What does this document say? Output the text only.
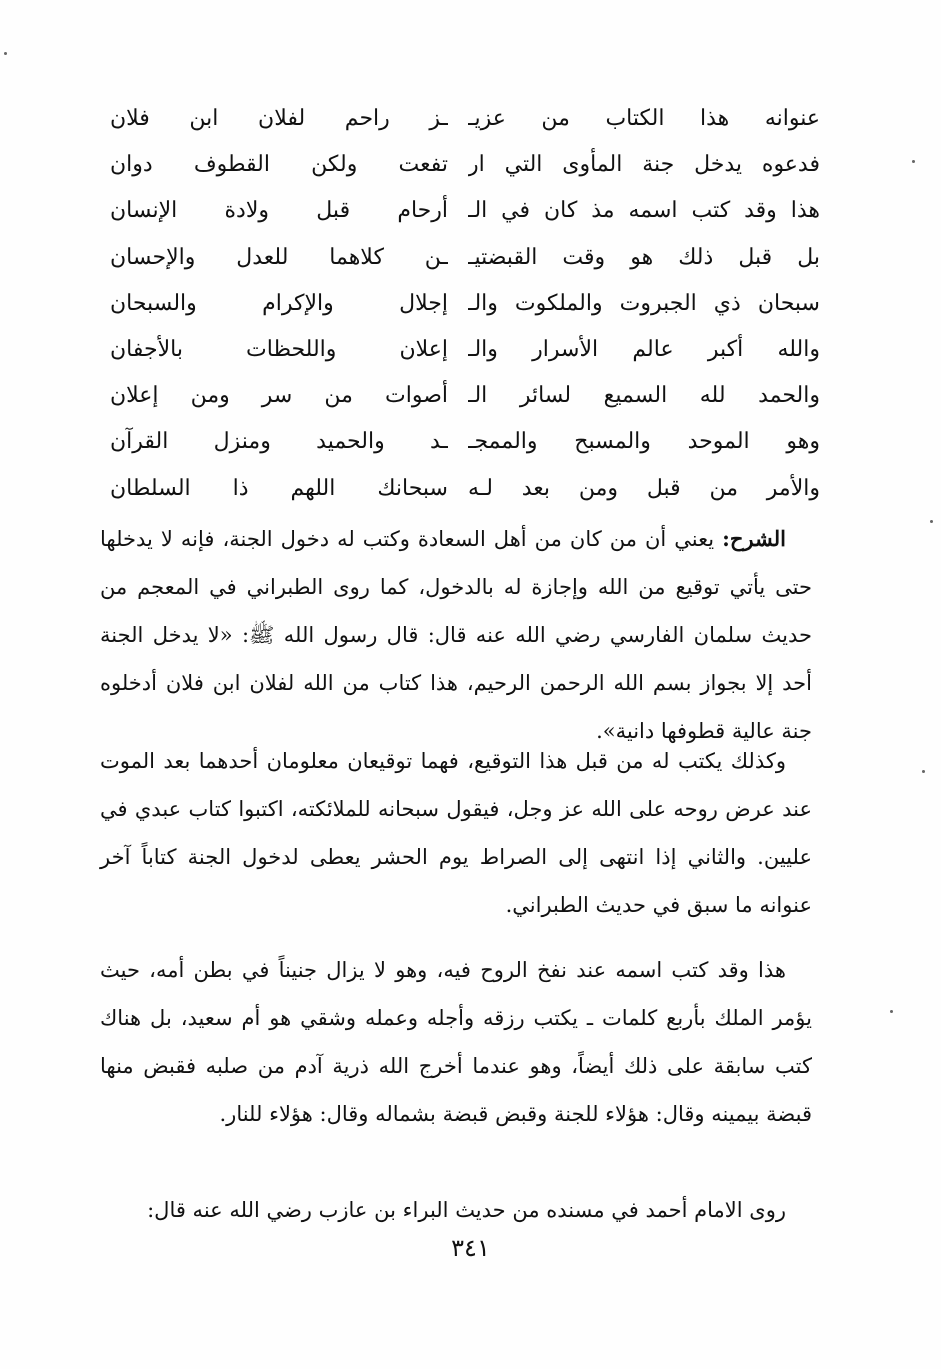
عنوانه هذا الكتاب من عزيـ
فدعوه يدخل جنة المأوى التي ار
هذا وقد كتب اسمه مذ كان في الـ
بل قبل ذلك هو وقت القبضتيـ
سبحان ذي الجبروت والملكوت والـ
والله أكبر عالم الأسرار والـ
والحمد لله السميع لسائر الـ
وهو الموحد والمسبح والممجـ
والأمر من قبل ومن بعد لـه
ـز راحم لفلان ابن فلان
تفعت ولكن القطوف دوان
أرحام قبل ولادة الإنسان
ـن كلاهما للعدل والإحسان
إجلال والإكرام والسبحان
إعلان واللحظات بالأجفان
أصوات من سر ومن إعلان
ـد والحميد ومنزل القرآن
سبحانك اللهم ذا السلطان

الشرح: يعني أن من كان من أهل السعادة وكتب له دخول الجنة، فإنه لا يدخلها حتى يأتي توقيع من الله وإجازة له بالدخول، كما روى الطبراني في المعجم من حديث سلمان الفارسي رضي الله عنه قال: قال رسول الله ﷺ: «لا يدخل الجنة أحد إلا بجواز بسم الله الرحمن الرحيم، هذا كتاب من الله لفلان ابن فلان أدخلوه جنة عالية قطوفها دانية».

وكذلك يكتب له من قبل هذا التوقيع، فهما توقيعان معلومان أحدهما بعد الموت عند عرض روحه على الله عز وجل، فيقول سبحانه للملائكته، اكتبوا كتاب عبدي في عليين. والثاني إذا انتهى إلى الصراط يوم الحشر يعطى لدخول الجنة كتاباً آخر عنوانه ما سبق في حديث الطبراني.

هذا وقد كتب اسمه عند نفخ الروح فيه، وهو لا يزال جنيناً في بطن أمه، حيث يؤمر الملك بأربع كلمات ـ يكتب رزقه وأجله وعمله وشقي هو أم سعيد، بل هناك كتب سابقة على ذلك أيضاً، وهو عندما أخرج الله ذرية آدم من صلبه فقبض منها قبضة بيمينه وقال: هؤلاء للجنة وقبض قبضة بشماله وقال: هؤلاء للنار.

روى الامام أحمد في مسنده من حديث البراء بن عازب رضي الله عنه قال:

٣٤١
